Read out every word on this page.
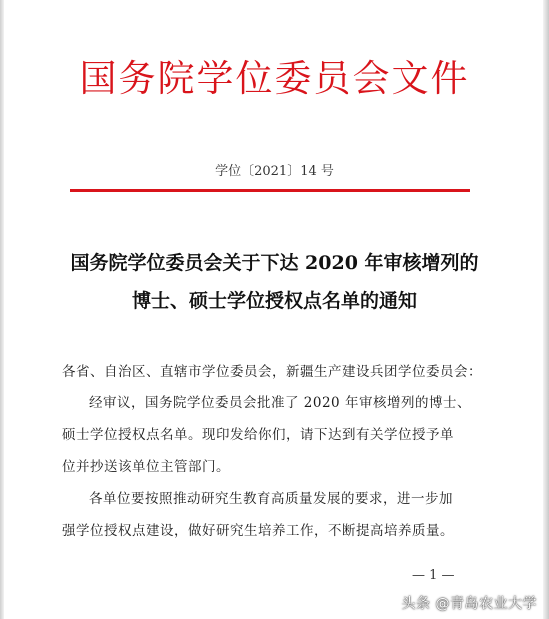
国务院学位委员会文件
学位〔2021〕14 号
国务院学位委员会关于下达 2020 年审核增列的
博士、硕士学位授权点名单的通知
各省、自治区、直辖市学位委员会，新疆生产建设兵团学位委员会：
经审议，国务院学位委员会批准了 2020 年审核增列的博士、
硕士学位授权点名单。现印发给你们，请下达到有关学位授予单
位并抄送该单位主管部门。
各单位要按照推动研究生教育高质量发展的要求，进一步加
强学位授权点建设，做好研究生培养工作，不断提高培养质量。
— 1 —
头条 @青岛农业大学
